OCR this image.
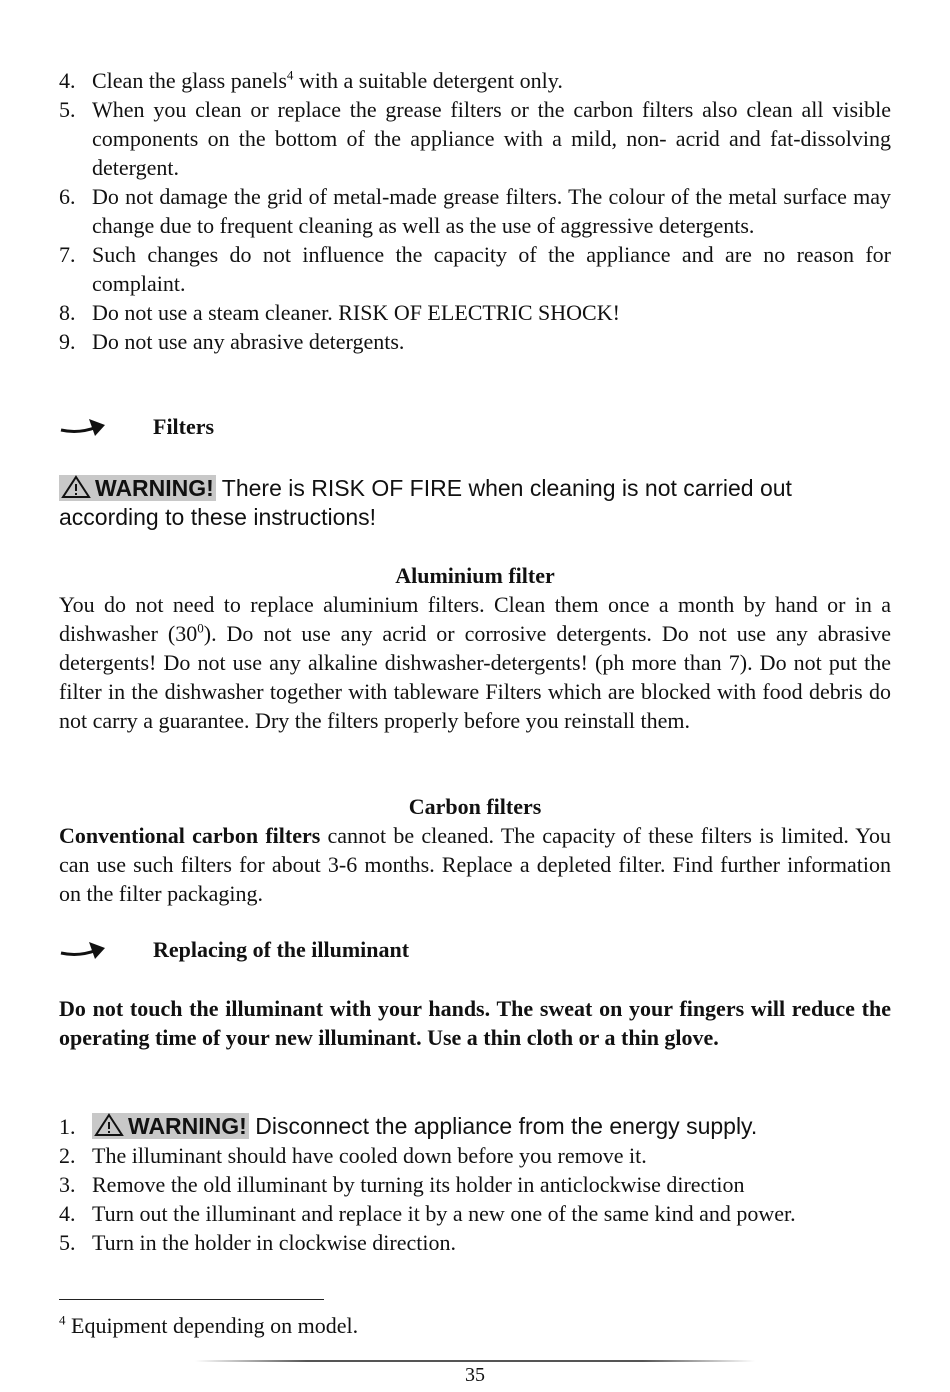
4. Clean the glass panels$^4$ with a suitable detergent only.
5. When you clean or replace the grease filters or the carbon filters also clean all visible components on the bottom of the appliance with a mild, non- acrid and fat-dissolving detergent.
6. Do not damage the grid of metal-made grease filters. The colour of the metal surface may change due to frequent cleaning as well as the use of aggressive detergents.
7. Such changes do not influence the capacity of the appliance and are no reason for complaint.
8. Do not use a steam cleaner. RISK OF ELECTRIC SHOCK!
9. Do not use any abrasive detergents.
Filters
WARNING! There is RISK OF FIRE when cleaning is not carried out according to these instructions!
Aluminium filter

You do not need to replace aluminium filters. Clean them once a month by hand or in a dishwasher $(30^0)$. Do not use any acrid or corrosive detergents. Do not use any abrasive detergents! Do not use any alkaline dishwasher-detergents! (ph more than 7). Do not put the filter in the dishwasher together with tableware Filters which are blocked with food debris do not carry a guarantee. Dry the filters properly before you reinstall them.

Carbon filters

Conventional carbon filters cannot be cleaned. The capacity of these filters is limited. You can use such filters for about 3-6 months. Replace a depleted filter. Find further information on the filter packaging.

Replacing of the illuminant

Do not touch the illuminant with your hands. The sweat on your fingers will reduce the operating time of your new illuminant. Use a thin cloth or a thin glove.

1.	WARNING! Disconnect the appliance from the energy supply.
2. The illuminant should have cooled down before you remove it.
3. Remove the old illuminant by turning its holder in anticlockwise direction
4. Turn out the illuminant and replace it by a new one of the same kind and power.
5. Turn in the holder in clockwise direction.
$^4$ Equipment depending on model.
35
